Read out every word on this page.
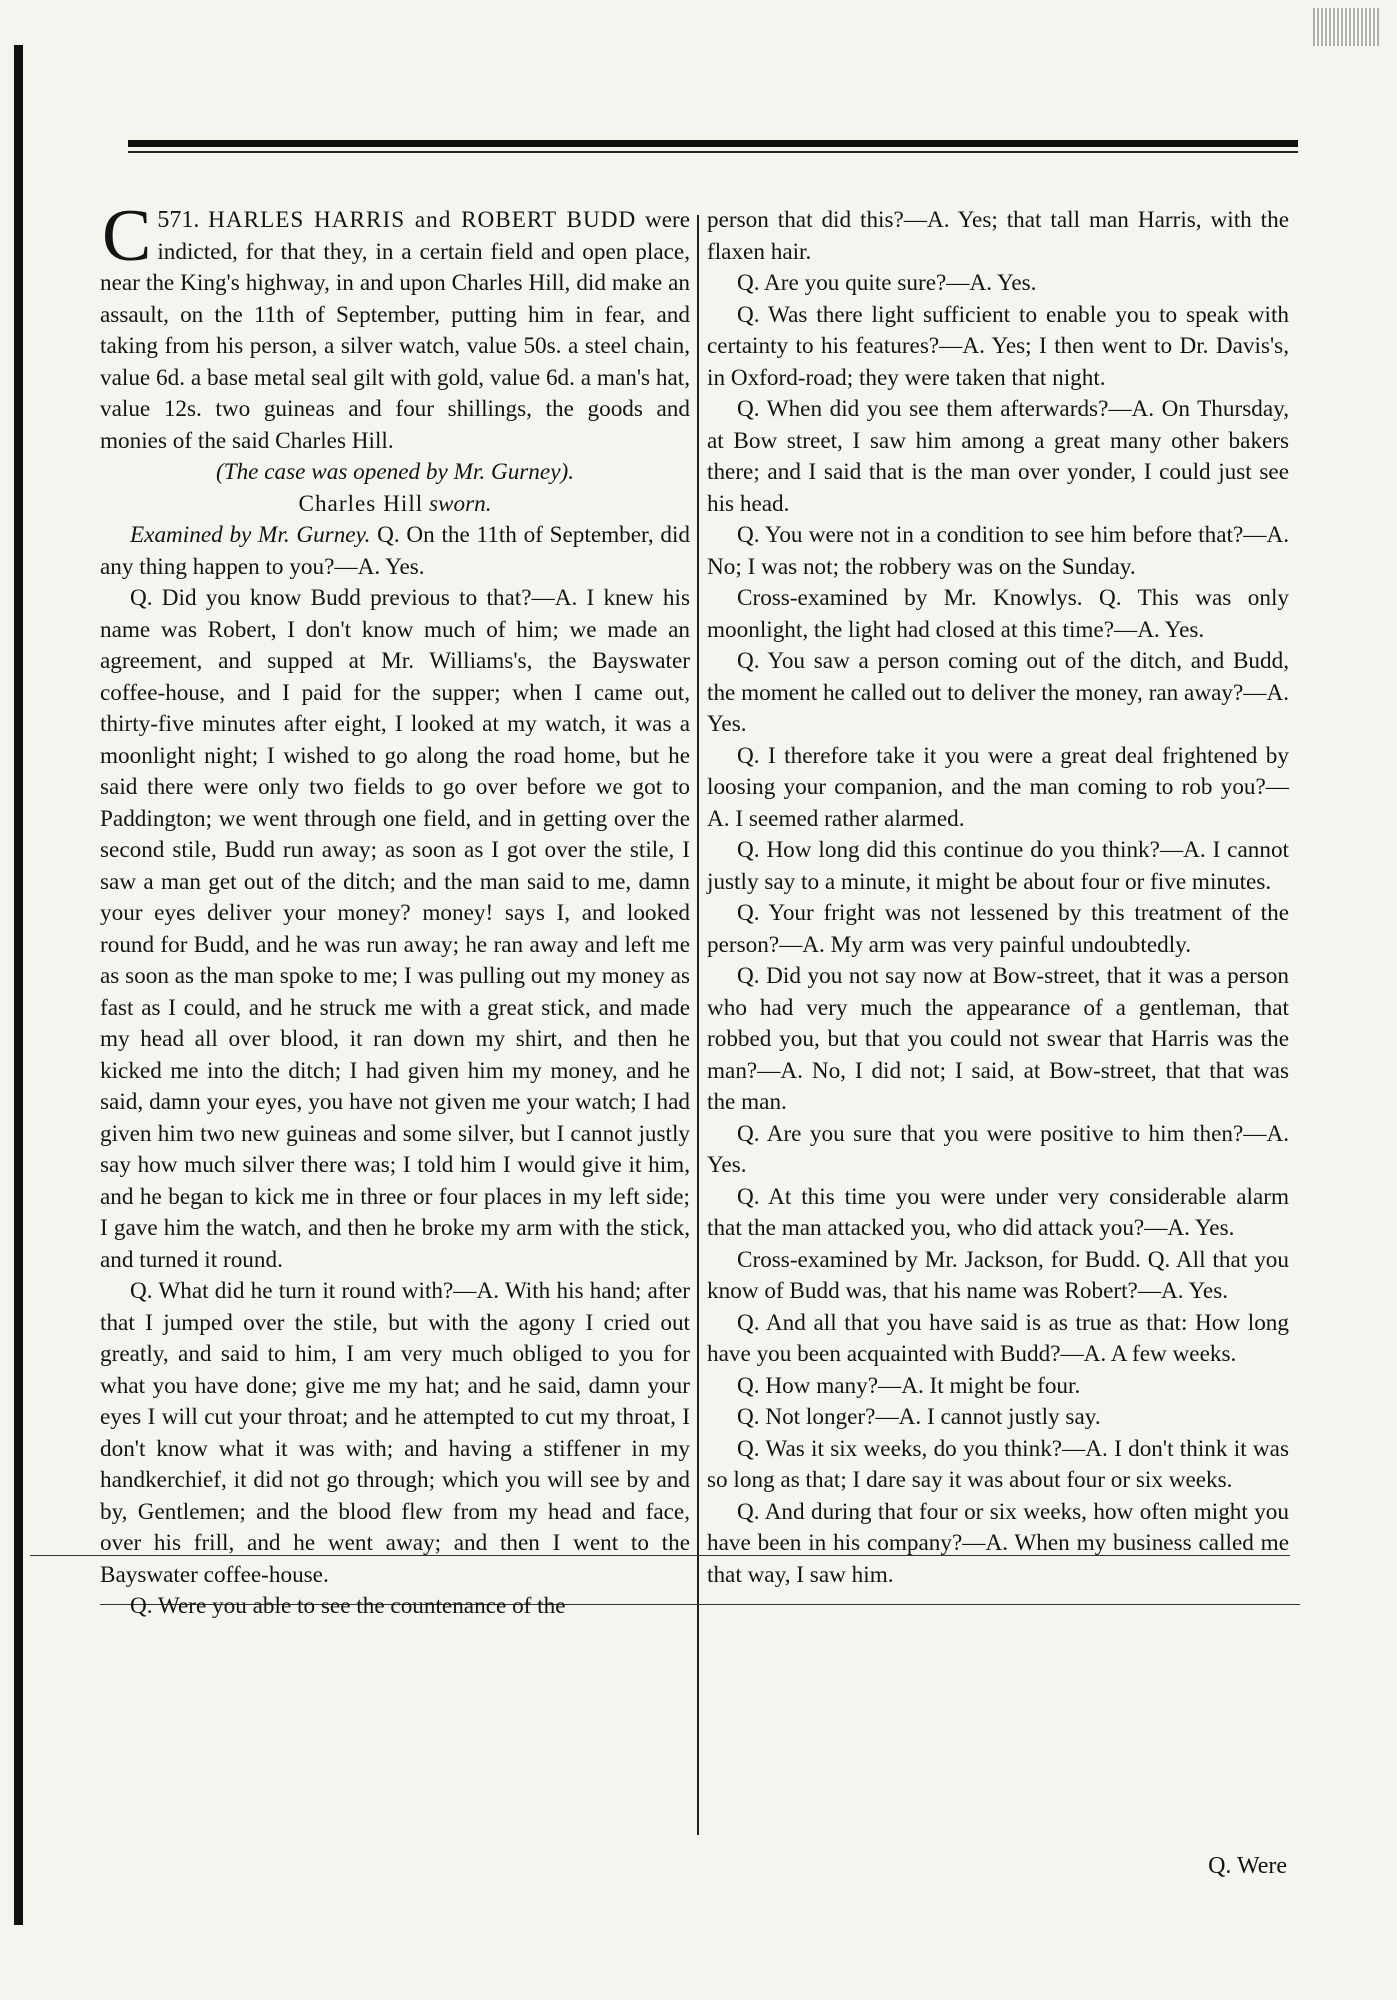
571.
C HARLES HARRIS and ROBERT BUDD were indicted, for that they, in a certain field and open place, near the King's highway, in and upon Charles Hill, did make an assault, on the 11th of September, putting him in fear, and taking from his person, a silver watch, value 50s. a steel chain, value 6d. a base metal seal gilt with gold, value 6d. a man's hat, value 12s. two guineas and four shillings, the goods and monies of the said Charles Hill.

(The case was opened by Mr. Gurney).

Charles Hill sworn.

Examined by Mr. Gurney. Q. On the 11th of September, did any thing happen to you?—A. Yes.

Q. Did you know Budd previous to that?—A. I knew his name was Robert, I don't know much of him; we made an agreement, and supped at Mr. Williams's, the Bayswater coffee-house, and I paid for the supper; when I came out, thirty-five minutes after eight, I looked at my watch, it was a moonlight night; I wished to go along the road home, but he said there were only two fields to go over before we got to Paddington; we went through one field, and in getting over the second stile, Budd run away; as soon as I got over the stile, I saw a man get out of the ditch; and the man said to me, damn your eyes deliver your money? money! says I, and looked round for Budd, and he was run away; he ran away and left me as soon as the man spoke to me; I was pulling out my money as fast as I could, and he struck me with a great stick, and made my head all over blood, it ran down my shirt, and then he kicked me into the ditch; I had given him my money, and he said, damn your eyes, you have not given me your watch; I had given him two new guineas and some silver, but I cannot justly say how much silver there was; I told him I would give it him, and he began to kick me in three or four places in my left side; I gave him the watch, and then he broke my arm with the stick, and turned it round.

Q. What did he turn it round with?—A. With his hand; after that I jumped over the stile, but with the agony I cried out greatly, and said to him, I am very much obliged to you for what you have done; give me my hat; and he said, damn your eyes I will cut your throat; and he attempted to cut my throat, I don't know what it was with; and having a stiffener in my handkerchief, it did not go through; which you will see by and by, Gentlemen; and the blood flew from my head and face, over his frill, and he went away; and then I went to the Bayswater coffee-house.

Q. Were you able to see the countenance of the

person that did this?—A. Yes; that tall man Harris, with the flaxen hair.

Q. Are you quite sure?—A. Yes.

Q. Was there light sufficient to enable you to speak with certainty to his features?—A. Yes; I then went to Dr. Davis's, in Oxford-road; they were taken that night.

Q. When did you see them afterwards?—A. On Thursday, at Bow street, I saw him among a great many other bakers there; and I said that is the man over yonder, I could just see his head.

Q. You were not in a condition to see him before that?—A. No; I was not; the robbery was on the Sunday.

Cross-examined by Mr. Knowlys. Q. This was only moonlight, the light had closed at this time?—A. Yes.

Q. You saw a person coming out of the ditch, and Budd, the moment he called out to deliver the money, ran away?—A. Yes.

Q. I therefore take it you were a great deal frightened by loosing your companion, and the man coming to rob you?—A. I seemed rather alarmed.

Q. How long did this continue do you think?—A. I cannot justly say to a minute, it might be about four or five minutes.

Q. Your fright was not lessened by this treatment of the person?—A. My arm was very painful undoubtedly.

Q. Did you not say now at Bow-street, that it was a person who had very much the appearance of a gentleman, that robbed you, but that you could not swear that Harris was the man?—A. No, I did not; I said, at Bow-street, that that was the man.

Q. Are you sure that you were positive to him then?—A. Yes.

Q. At this time you were under very considerable alarm that the man attacked you, who did attack you?—A. Yes.

Cross-examined by Mr. Jackson, for Budd. Q. All that you know of Budd was, that his name was Robert?—A. Yes.

Q. And all that you have said is as true as that: How long have you been acquainted with Budd?—A. A few weeks.

Q. How many?—A. It might be four.

Q. Not longer?—A. I cannot justly say.

Q. Was it six weeks, do you think?—A. I don't think it was so long as that; I dare say it was about four or six weeks.

Q. And during that four or six weeks, how often might you have been in his company?—A. When my business called me that way, I saw him.

Q. Were
